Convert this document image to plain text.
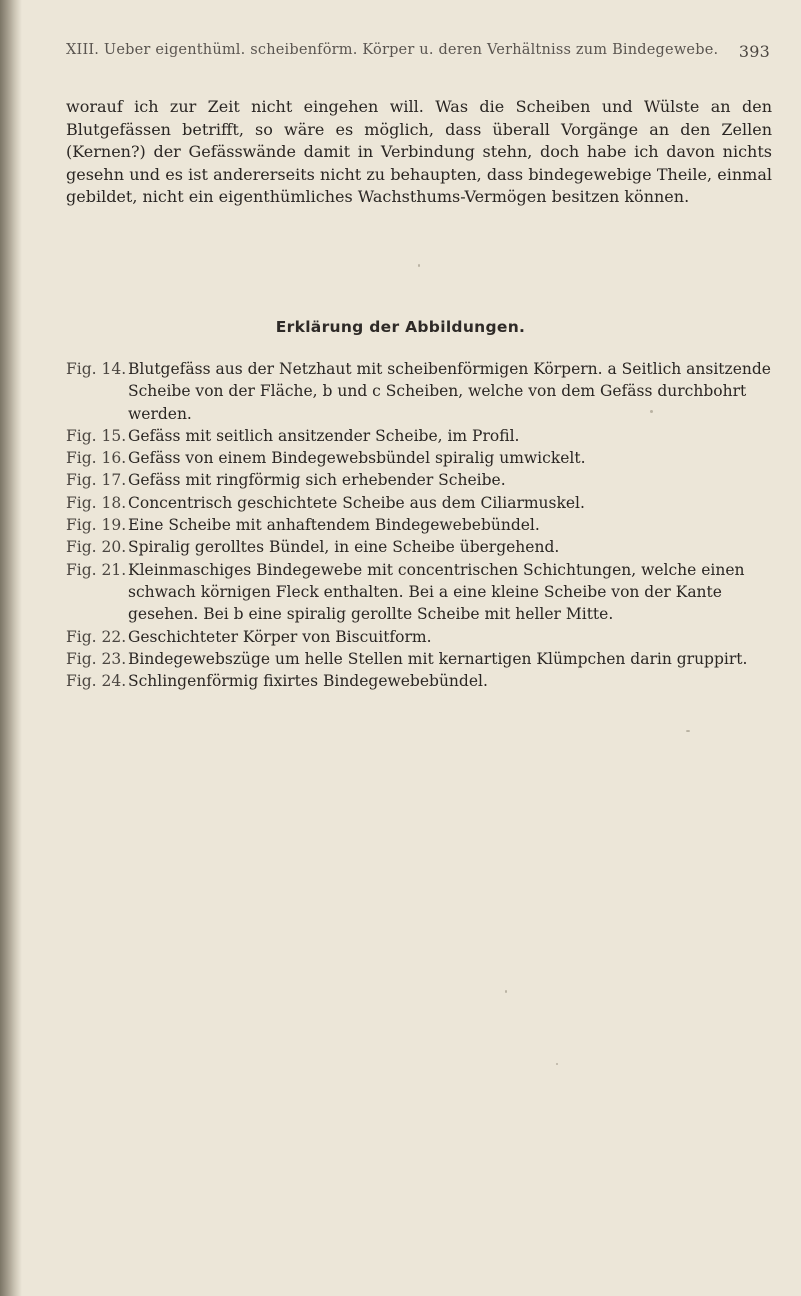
XIII. Ueber eigenthüml. scheibenförm. Körper u. deren Verhältniss zum Bindegewebe. 393

worauf ich zur Zeit nicht eingehen will. Was die Scheiben und Wülste an den Blutgefässen betrifft, so wäre es möglich, dass überall Vorgänge an den Zellen (Kernen?) der Gefässwände damit in Verbindung stehn, doch habe ich davon nichts gesehn und es ist andererseits nicht zu behaupten, dass bindegewebige Theile, einmal gebildet, nicht ein eigenthümliches Wachsthums-Vermögen besitzen können.

Erklärung der Abbildungen.
Fig. 14. Blutgefäss aus der Netzhaut mit scheibenförmigen Körpern. a Seitlich ansitzende Scheibe von der Fläche, b und c Scheiben, welche von dem Gefäss durchbohrt werden.
Fig. 15. Gefäss mit seitlich ansitzender Scheibe, im Profil.
Fig. 16. Gefäss von einem Bindegewebsbündel spiralig umwickelt.
Fig. 17. Gefäss mit ringförmig sich erhebender Scheibe.
Fig. 18. Concentrisch geschichtete Scheibe aus dem Ciliarmuskel.
Fig. 19. Eine Scheibe mit anhaftendem Bindegewebebündel.
Fig. 20. Spiralig gerolltes Bündel, in eine Scheibe übergehend.
Fig. 21. Kleinmaschiges Bindegewebe mit concentrischen Schichtungen, welche einen schwach körnigen Fleck enthalten. Bei a eine kleine Scheibe von der Kante gesehen. Bei b eine spiralig gerollte Scheibe mit heller Mitte.
Fig. 22. Geschichteter Körper von Biscuitform.
Fig. 23. Bindegewebszüge um helle Stellen mit kernartigen Klümpchen darin gruppirt.
Fig. 24. Schlingenförmig fixirtes Bindegewebebündel.
